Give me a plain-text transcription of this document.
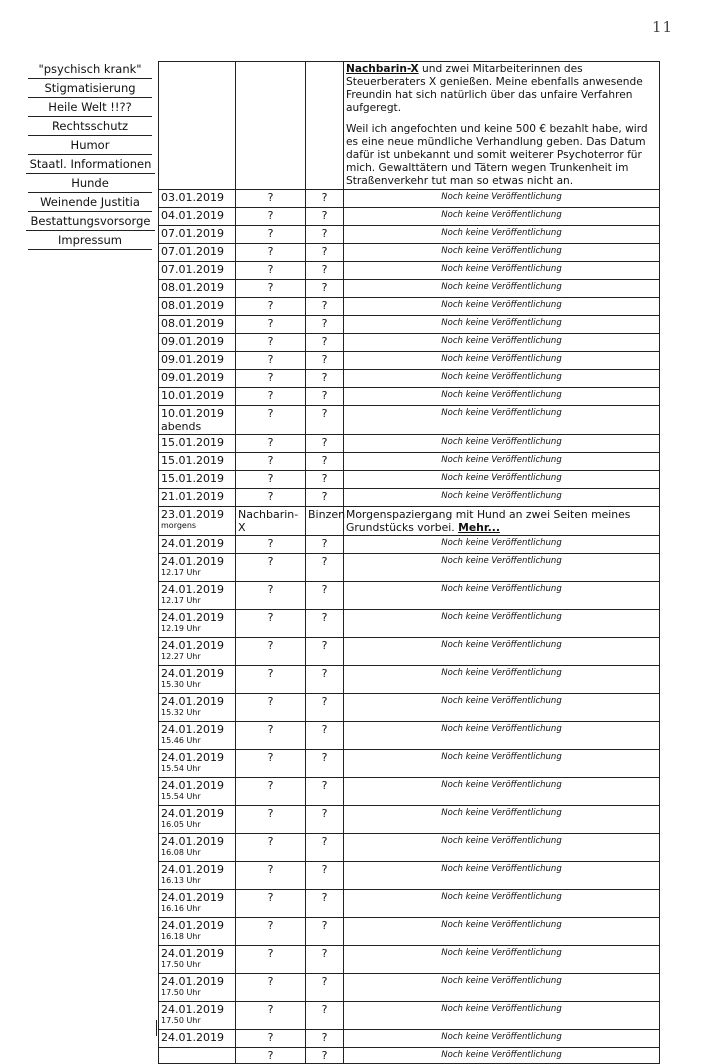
11
"psychisch krank"
Stigmatisierung
Heile Welt !!??
Rechtsschutz
Humor
Staatl. Informationen
Hunde
Weinende Justitia
Bestattungsvorsorge
Impressum

			Nachbarin-X und zwei Mitarbeiterinnen des Steuerberaters X genießen. Meine ebenfalls anwesende Freundin hat sich natürlich über das unfaire Verfahren aufgeregt.

Weil ich angefochten und keine 500 € bezahlt habe, wird es eine neue mündliche Verhandlung geben. Das Datum dafür ist unbekannt und somit weiterer Psychoterror für mich. Gewalttätern und Tätern wegen Trunkenheit im Straßenverkehr tut man so etwas nicht an.

03.01.2019	?	?	Noch keine Veröffentlichung
04.01.2019	?	?	Noch keine Veröffentlichung
07.01.2019	?	?	Noch keine Veröffentlichung
07.01.2019	?	?	Noch keine Veröffentlichung
07.01.2019	?	?	Noch keine Veröffentlichung
08.01.2019	?	?	Noch keine Veröffentlichung
08.01.2019	?	?	Noch keine Veröffentlichung
08.01.2019	?	?	Noch keine Veröffentlichung
09.01.2019	?	?	Noch keine Veröffentlichung
09.01.2019	?	?	Noch keine Veröffentlichung
09.01.2019	?	?	Noch keine Veröffentlichung
10.01.2019	?	?	Noch keine Veröffentlichung
10.01.2019
abends	?	?	Noch keine Veröffentlichung
15.01.2019	?	?	Noch keine Veröffentlichung
15.01.2019	?	?	Noch keine Veröffentlichung
15.01.2019	?	?	Noch keine Veröffentlichung
21.01.2019	?	?	Noch keine Veröffentlichung
23.01.2019
morgens	Nachbarin-X	Binzen	Morgenspaziergang mit Hund an zwei Seiten meines Grundstücks vorbei. Mehr...
24.01.2019	?	?	Noch keine Veröffentlichung
24.01.2019
12.17 Uhr	?	?	Noch keine Veröffentlichung
24.01.2019
12.17 Uhr	?	?	Noch keine Veröffentlichung
24.01.2019
12.19 Uhr	?	?	Noch keine Veröffentlichung
24.01.2019
12.27 Uhr	?	?	Noch keine Veröffentlichung
24.01.2019
15.30 Uhr	?	?	Noch keine Veröffentlichung
24.01.2019
15.32 Uhr	?	?	Noch keine Veröffentlichung
24.01.2019
15.46 Uhr	?	?	Noch keine Veröffentlichung
24.01.2019
15.54 Uhr	?	?	Noch keine Veröffentlichung
24.01.2019
15.54 Uhr	?	?	Noch keine Veröffentlichung
24.01.2019
16.05 Uhr	?	?	Noch keine Veröffentlichung
24.01.2019
16.08 Uhr	?	?	Noch keine Veröffentlichung
24.01.2019
16.13 Uhr	?	?	Noch keine Veröffentlichung
24.01.2019
16.16 Uhr	?	?	Noch keine Veröffentlichung
24.01.2019
16.18 Uhr	?	?	Noch keine Veröffentlichung
24.01.2019
17.50 Uhr	?	?	Noch keine Veröffentlichung
24.01.2019
17.50 Uhr	?	?	Noch keine Veröffentlichung
24.01.2019
17.50 Uhr	?	?	Noch keine Veröffentlichung
24.01.2019	?	?	Noch keine Veröffentlichung
	?	?	Noch keine Veröffentlichung
